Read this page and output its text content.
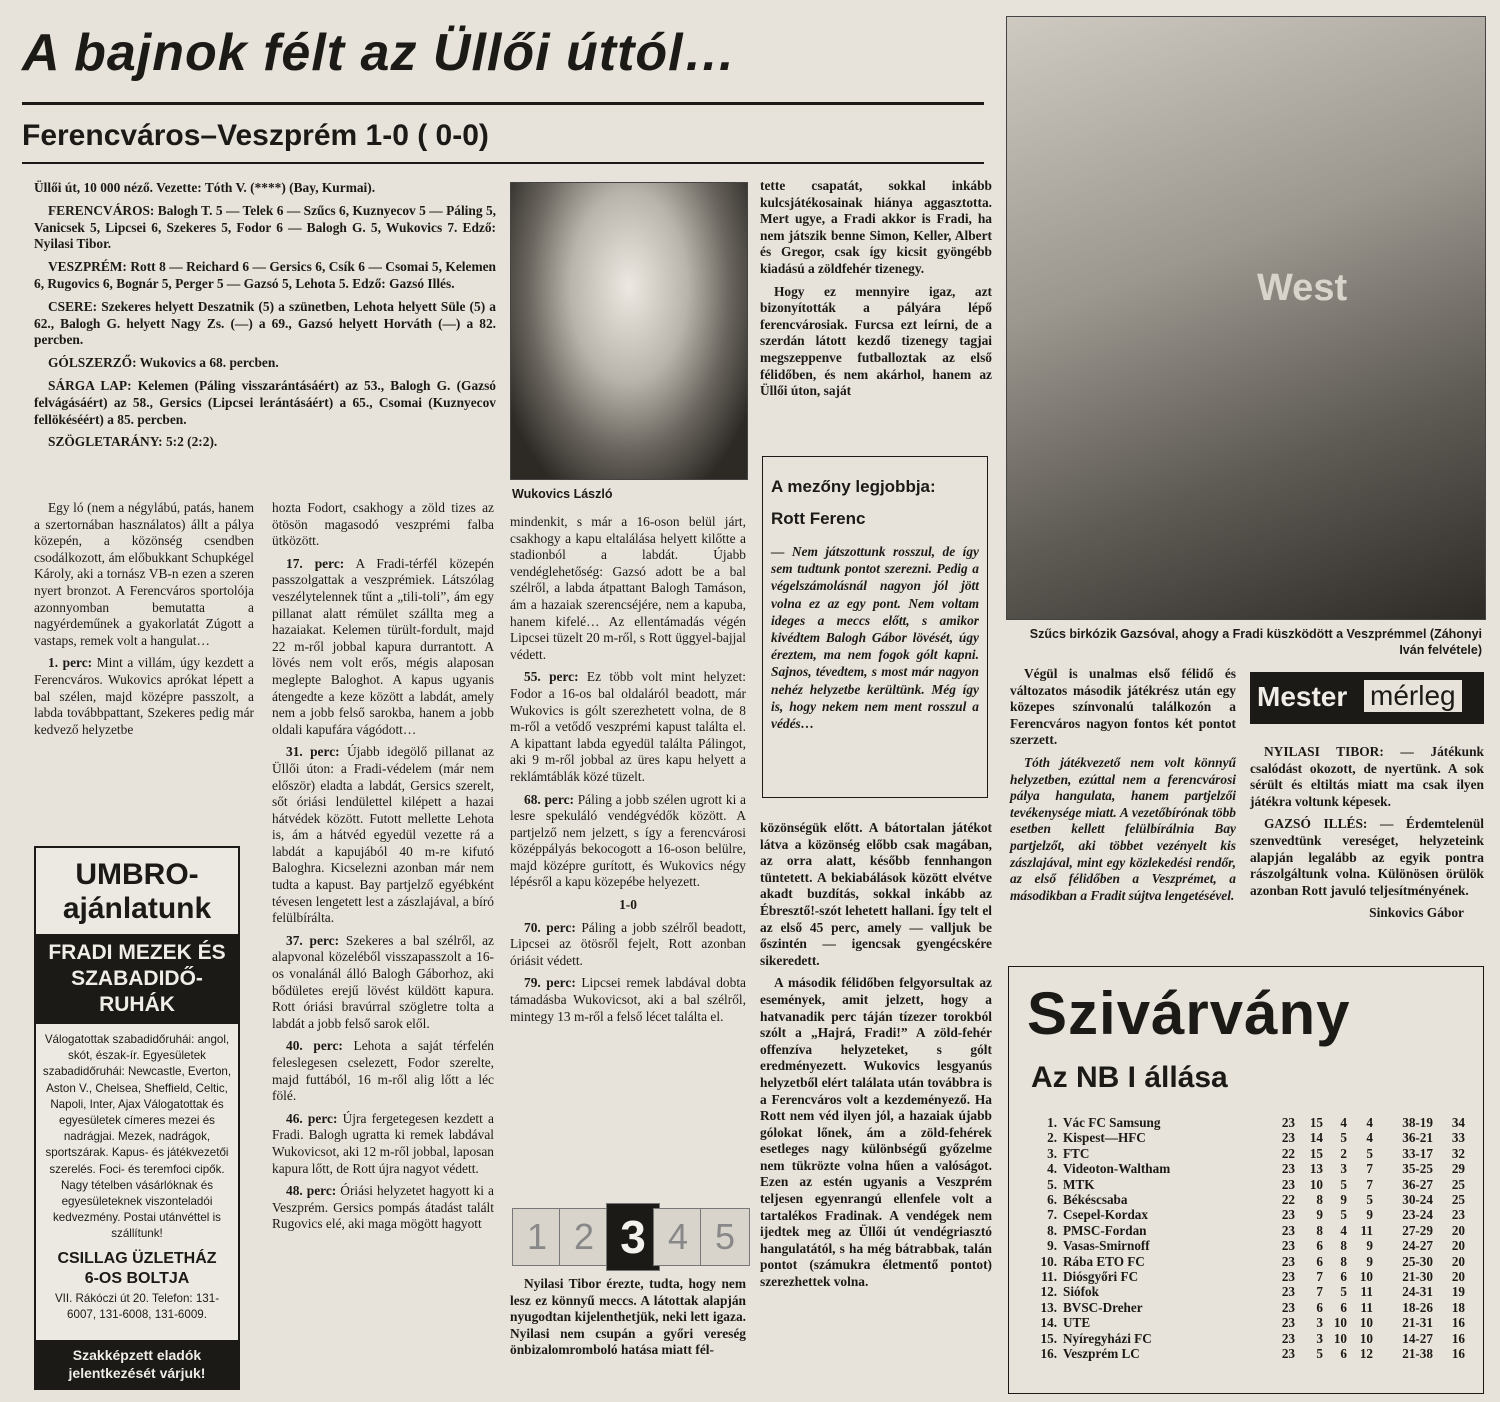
A bajnok félt az Üllői úttól…
Ferencváros–Veszprém 1-0 ( 0-0)

Üllői út, 10 000 néző. Vezette: Tóth V. (****) (Bay, Kurmai).

FERENCVÁROS: Balogh T. 5 — Telek 6 — Szűcs 6, Kuznyecov 5 — Páling 5, Vanicsek 5, Lipcsei 6, Szekeres 5, Fodor 6 — Balogh G. 5, Wukovics 7. Edző: Nyilasi Tibor.

VESZPRÉM: Rott 8 — Reichard 6 — Gersics 6, Csík 6 — Csomai 5, Kelemen 6, Rugovics 6, Bognár 5, Perger 5 — Gazsó 5, Lehota 5. Edző: Gazsó Illés.

CSERE: Szekeres helyett Deszatnik (5) a szünetben, Lehota helyett Süle (5) a 62., Balogh G. helyett Nagy Zs. (—) a 69., Gazsó helyett Horváth (—) a 82. percben.

GÓLSZERZŐ: Wukovics a 68. percben.

SÁRGA LAP: Kelemen (Páling visszarántásáért) az 53., Balogh G. (Gazsó felvágásáért) az 58., Gersics (Lipcsei lerántásáért) a 65., Csomai (Kuznyecov fellökéséért) a 85. percben.

SZÖGLETARÁNY: 5:2 (2:2).

Wukovics László

Egy ló (nem a négylábú, patás, hanem a szertornában használatos) állt a pálya közepén, a közönség csendben csodálkozott, ám előbukkant Schupkégel Károly, aki a tornász VB-n ezen a szeren nyert bronzot. A Ferencváros sportolója azonnyomban bemutatta a nagyérdeműnek a gyakorlatát Zúgott a vastaps, remek volt a hangulat…

1. perc: Mint a villám, úgy kezdett a Ferencváros. Wukovics aprókat lépett a bal szélen, majd középre passzolt, a labda továbbpattant, Szekeres pedig már kedvező helyzetbe

UMBRO-
ajánlatunk
FRADI MEZEK ÉS SZABADIDŐ-RUHÁK
Válogatottak szabadidőruhái: angol, skót, észak-ír. Egyesületek szabadidőruhái: Newcastle, Everton, Aston V., Chelsea, Sheffield, Celtic, Napoli, Inter, Ajax Válogatottak és egyesületek címeres mezei és nadrágjai. Mezek, nadrágok, sportszárak. Kapus- és játékvezetői szerelés. Foci- és teremfoci cipők. Nagy tételben vásárlóknak és egyesületeknek viszonteladói kedvezmény. Postai utánvéttel is szállítunk!
CSILLAG ÜZLETHÁZ
6-OS BOLTJA
VII. Rákóczi út 20. Telefon: 131-6007, 131-6008, 131-6009.
Szakképzett eladók jelentkezését várjuk!

hozta Fodort, csakhogy a zöld tizes az ötösön magasodó veszprémi falba ütközött.

17. perc: A Fradi-térfél közepén passzolgattak a veszprémiek. Látszólag veszélytelennek tűnt a „tili-toli”, ám egy pillanat alatt rémület szállta meg a hazaiakat. Kelemen türült-fordult, majd 22 m-ről jobbal kapura durrantott. A lövés nem volt erős, mégis alaposan meglepte Baloghot. A kapus ugyanis átengedte a keze között a labdát, amely nem a jobb felső sarokba, hanem a jobb oldali kapufára vágódott…

31. perc: Újabb idegölő pillanat az Üllői úton: a Fradi-védelem (már nem először) eladta a labdát, Gersics szerelt, sőt óriási lendülettel kilépett a hazai hátvédek között. Futott mellette Lehota is, ám a hátvéd egyedül vezette rá a labdát a kapujából 40 m-re kifutó Baloghra. Kicselezni azonban már nem tudta a kapust. Bay partjelző egyébként tévesen lengetett lest a zászlajával, a bíró felülbírálta.

37. perc: Szekeres a bal szélről, az alapvonal közeléből visszapasszolt a 16-os vonalánál álló Balogh Gáborhoz, aki bődületes erejű lövést küldött kapura. Rott óriási bravúrral szögletre tolta a labdát a jobb felső sarok elől.

40. perc: Lehota a saját térfelén feleslegesen cselezett, Fodor szerelte, majd futtából, 16 m-ről alig lőtt a léc fölé.

46. perc: Újra fergetegesen kezdett a Fradi. Balogh ugratta ki remek labdával Wukovicsot, aki 12 m-ről jobbal, laposan kapura lőtt, de Rott újra nagyot védett.

48. perc: Óriási helyzetet hagyott ki a Veszprém. Gersics pompás átadást talált Rugovics elé, aki maga mögött hagyott

mindenkit, s már a 16-oson belül járt, csakhogy a kapu eltalálása helyett kilőtte a stadionból a labdát. Újabb vendéglehetőség: Gazsó adott be a bal szélről, a labda átpattant Balogh Tamáson, ám a hazaiak szerencséjére, nem a kapuba, hanem kifelé… Az ellentámadás végén Lipcsei tüzelt 20 m-ről, s Rott üggyel-bajjal védett.

55. perc: Ez több volt mint helyzet: Fodor a 16-os bal oldaláról beadott, már Wukovics is gólt szerezhetett volna, de 8 m-ről a vetődő veszprémi kapust találta el. A kipattant labda egyedül találta Pálingot, aki 9 m-ről jobbal az üres kapu helyett a reklámtáblák közé tüzelt.

68. perc: Páling a jobb szélen ugrott ki a lesre spekuláló vendégvédők között. A partjelző nem jelzett, s így a ferencvárosi középpályás bekocogott a 16-oson belülre, majd középre gurított, és Wukovics négy lépésről a kapu közepébe helyezett.

1-0

70. perc: Páling a jobb szélről beadott, Lipcsei az ötösről fejelt, Rott azonban óriásit védett.

79. perc: Lipcsei remek labdával dobta támadásba Wukovicsot, aki a bal szélről, mintegy 13 m-ről a felső lécet találta el.

1 2 3 4 5

Nyilasi Tibor érezte, tudta, hogy nem lesz ez könnyű meccs. A látottak alapján nyugodtan kijelenthetjük, neki lett igaza. Nyilasi nem csupán a győri vereség önbizalomromboló hatása miatt fél-

tette csapatát, sokkal inkább kulcsjátékosainak hiánya aggasztotta. Mert ugye, a Fradi akkor is Fradi, ha nem játszik benne Simon, Keller, Albert és Gregor, csak így kicsit gyöngébb kiadású a zöldfehér tizenegy.

Hogy ez mennyire igaz, azt bizonyították a pályára lépő ferencvárosiak. Furcsa ezt leírni, de a szerdán látott kezdő tizenegy tagjai megszeppenve futballoztak az első félidőben, és nem akárhol, hanem az Üllői úton, saját

A mezőny legjobbja:
Rott Ferenc
— Nem játszottunk rosszul, de így sem tudtunk pontot szerezni. Pedig a végelszámolásnál nagyon jól jött volna ez az egy pont. Nem voltam ideges a meccs előtt, s amikor kivédtem Balogh Gábor lövését, úgy éreztem, ma nem fogok gólt kapni. Sajnos, tévedtem, s most már nagyon nehéz helyzetbe kerültünk. Még így is, hogy nekem nem ment rosszul a védés…

közönségük előtt. A bátortalan játékot látva a közönség előbb csak magában, az orra alatt, később fennhangon tüntetett. A bekiabálások között elvétve akadt buzdítás, sokkal inkább az Ébresztő!-szót lehetett hallani. Így telt el az első 45 perc, amely — valljuk be őszintén — igencsak gyengécskére sikeredett.

A második félidőben felgyorsultak az események, amit jelzett, hogy a hatvanadik perc táján tízezer torokból szólt a „Hajrá, Fradi!” A zöld-fehér offenzíva helyzeteket, s gólt eredményezett. Wukovics lesgyanús helyzetből elért találata után továbbra is a Ferencváros volt a kezdeményező. Ha Rott nem véd ilyen jól, a hazaiak újabb gólokat lőnek, ám a zöld-fehérek esetleges nagy különbségű győzelme nem tükrözte volna hűen a valóságot. Ezen az estén ugyanis a Veszprém teljesen egyenrangú ellenfele volt a tartalékos Fradinak. A vendégek nem ijedtek meg az Üllői út vendégriasztó hangulatától, s ha még bátrabbak, talán pontot (számukra életmentő pontot) szerezhettek volna.

West
Szűcs birkózik Gazsóval, ahogy a Fradi küszködött a Veszprémmel (Záhonyi Iván felvétele)

Végül is unalmas első félidő és változatos második játékrész után egy közepes színvonalú találkozón a Ferencváros nagyon fontos két pontot szerzett.

Tóth játékvezető nem volt könnyű helyzetben, ezúttal nem a ferencvárosi pálya hangulata, hanem partjelzői tevékenysége miatt. A vezetőbírónak több esetben kellett felülbírálnia Bay partjelzőt, aki többet vezényelt kis zászlajával, mint egy közlekedési rendőr, az első félidőben a Veszprémet, a másodikban a Fradit sújtva lengetésével.

Mester mérleg

NYILASI TIBOR: — Játékunk csalódást okozott, de nyertünk. A sok sérült és eltiltás miatt ma csak ilyen játékra voltunk képesek.

GAZSÓ ILLÉS: — Érdemtelenül szenvedtünk vereséget, helyzeteink alapján legalább az egyik pontra rászolgáltunk volna. Különösen örülök azonban Rott javuló teljesítményének.

Sinkovics Gábor
Szivárvány
Az NB I állása
1. Vác FC Samsung	23	15	4	4	38-19	34
2. Kispest—HFC	23	14	5	4	36-21	33
3. FTC	22	15	2	5	33-17	32
4. Videoton-Waltham	23	13	3	7	35-25	29
5. MTK	23	10	5	7	36-27	25
6. Békéscsaba	22	8	9	5	30-24	25
7. Csepel-Kordax	23	9	5	9	23-24	23
8. PMSC-Fordan	23	8	4	11	27-29	20
9. Vasas-Smirnoff	23	6	8	9	24-27	20
10. Rába ETO FC	23	6	8	9	25-30	20
11. Diósgyőri FC	23	7	6 10	21-30	20
12. Siófok	23	7	5	11	24-31	19
13. BVSC-Dreher	23	6	6	11	18-26	18
14. UTE	23	3 10 10	21-31	16
15. Nyíregyházi FC	23	3 10 10	14-27	16
16. Veszprém LC	23	5	6 12	21-38	16
